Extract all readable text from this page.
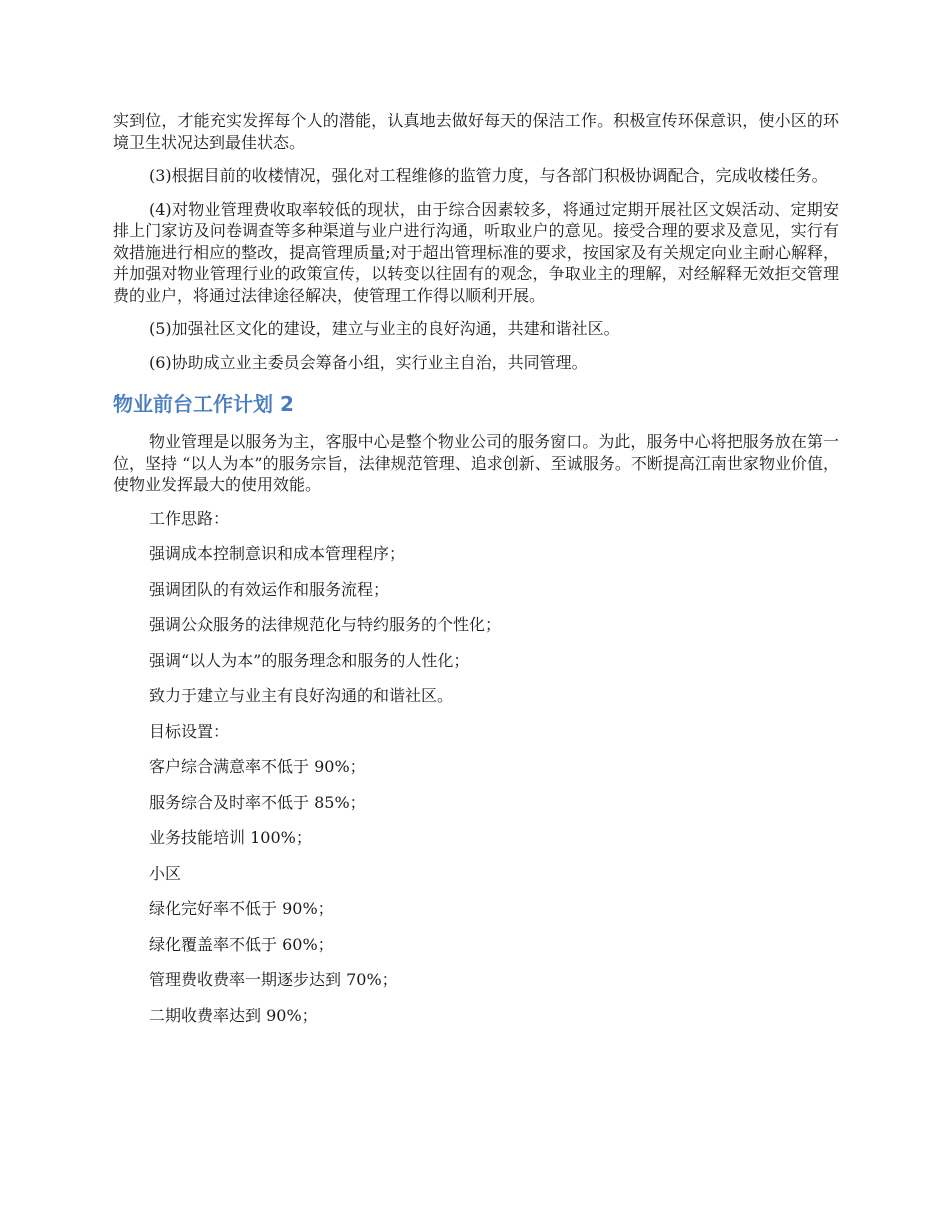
实到位，才能充实发挥每个人的潜能，认真地去做好每天的保洁工作。积极宣传环保意识，使小区的环境卫生状况达到最佳状态。

(3)根据目前的收楼情况，强化对工程维修的监管力度，与各部门积极协调配合，完成收楼任务。

(4)对物业管理费收取率较低的现状，由于综合因素较多，将通过定期开展社区文娱活动、定期安排上门家访及问卷调查等多种渠道与业户进行沟通，听取业户的意见。接受合理的要求及意见，实行有效措施进行相应的整改，提高管理质量;对于超出管理标准的要求，按国家及有关规定向业主耐心解释，并加强对物业管理行业的政策宣传，以转变以往固有的观念，争取业主的理解，对经解释无效拒交管理费的业户，将通过法律途径解决，使管理工作得以顺利开展。

(5)加强社区文化的建设，建立与业主的良好沟通，共建和谐社区。

(6)协助成立业主委员会筹备小组，实行业主自治，共同管理。

物业前台工作计划 2

物业管理是以服务为主，客服中心是整个物业公司的服务窗口。为此，服务中心将把服务放在第一位，坚持 “以人为本”的服务宗旨，法律规范管理、追求创新、至诚服务。不断提高江南世家物业价值，使物业发挥最大的使用效能。

工作思路：
强调成本控制意识和成本管理程序；
强调团队的有效运作和服务流程；
强调公众服务的法律规范化与特约服务的个性化；
强调“以人为本”的服务理念和服务的人性化；
致力于建立与业主有良好沟通的和谐社区。
目标设置：
客户综合满意率不低于 90%；
服务综合及时率不低于 85%；
业务技能培训 100%；
小区
绿化完好率不低于 90%；
绿化覆盖率不低于 60%；
管理费收费率一期逐步达到 70%；
二期收费率达到 90%；
